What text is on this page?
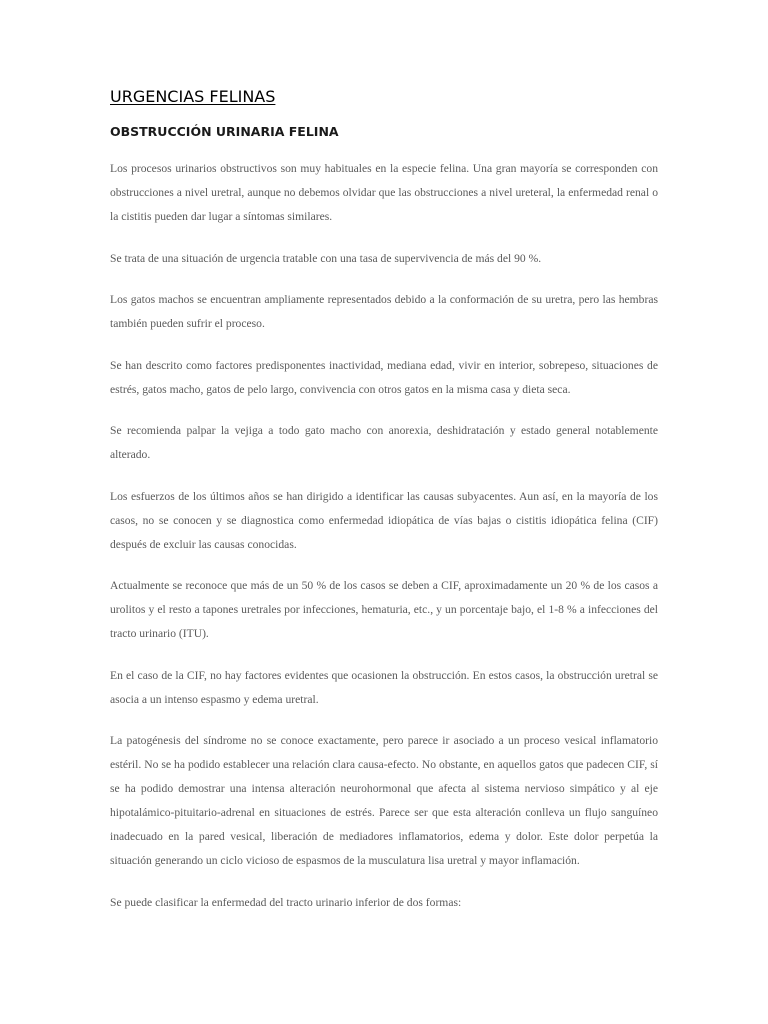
URGENCIAS FELINAS
OBSTRUCCIÓN URINARIA FELINA

Los procesos urinarios obstructivos son muy habituales en la especie felina. Una gran mayoría se corresponden con obstrucciones a nivel uretral, aunque no debemos olvidar que las obstrucciones a nivel ureteral, la enfermedad renal o la cistitis pueden dar lugar a síntomas similares.

Se trata de una situación de urgencia tratable con una tasa de supervivencia de más del 90 %.

Los gatos machos se encuentran ampliamente representados debido a la conformación de su uretra, pero las hembras también pueden sufrir el proceso.

Se han descrito como factores predisponentes inactividad, mediana edad, vivir en interior, sobrepeso, situaciones de estrés, gatos macho, gatos de pelo largo, convivencia con otros gatos en la misma casa y dieta seca.

Se recomienda palpar la vejiga a todo gato macho con anorexia, deshidratación y estado general notablemente alterado.

Los esfuerzos de los últimos años se han dirigido a identificar las causas subyacentes. Aun así, en la mayoría de los casos, no se conocen y se diagnostica como enfermedad idiopática de vías bajas o cistitis idiopática felina (CIF) después de excluir las causas conocidas.

Actualmente se reconoce que más de un 50 % de los casos se deben a CIF, aproximadamente un 20 % de los casos a urolitos y el resto a tapones uretrales por infecciones, hematuria, etc., y un porcentaje bajo, el 1-8 % a infecciones del tracto urinario (ITU).

En el caso de la CIF, no hay factores evidentes que ocasionen la obstrucción. En estos casos, la obstrucción uretral se asocia a un intenso espasmo y edema uretral.

La patogénesis del síndrome no se conoce exactamente, pero parece ir asociado a un proceso vesical inflamatorio estéril. No se ha podido establecer una relación clara causa-efecto. No obstante, en aquellos gatos que padecen CIF, sí se ha podido demostrar una intensa alteración neurohormonal que afecta al sistema nervioso simpático y al eje hipotalámico-pituitario-adrenal en situaciones de estrés. Parece ser que esta alteración conlleva un flujo sanguíneo inadecuado en la pared vesical, liberación de mediadores inflamatorios, edema y dolor. Este dolor perpetúa la situación generando un ciclo vicioso de espasmos de la musculatura lisa uretral y mayor inflamación.

Se puede clasificar la enfermedad del tracto urinario inferior de dos formas:
